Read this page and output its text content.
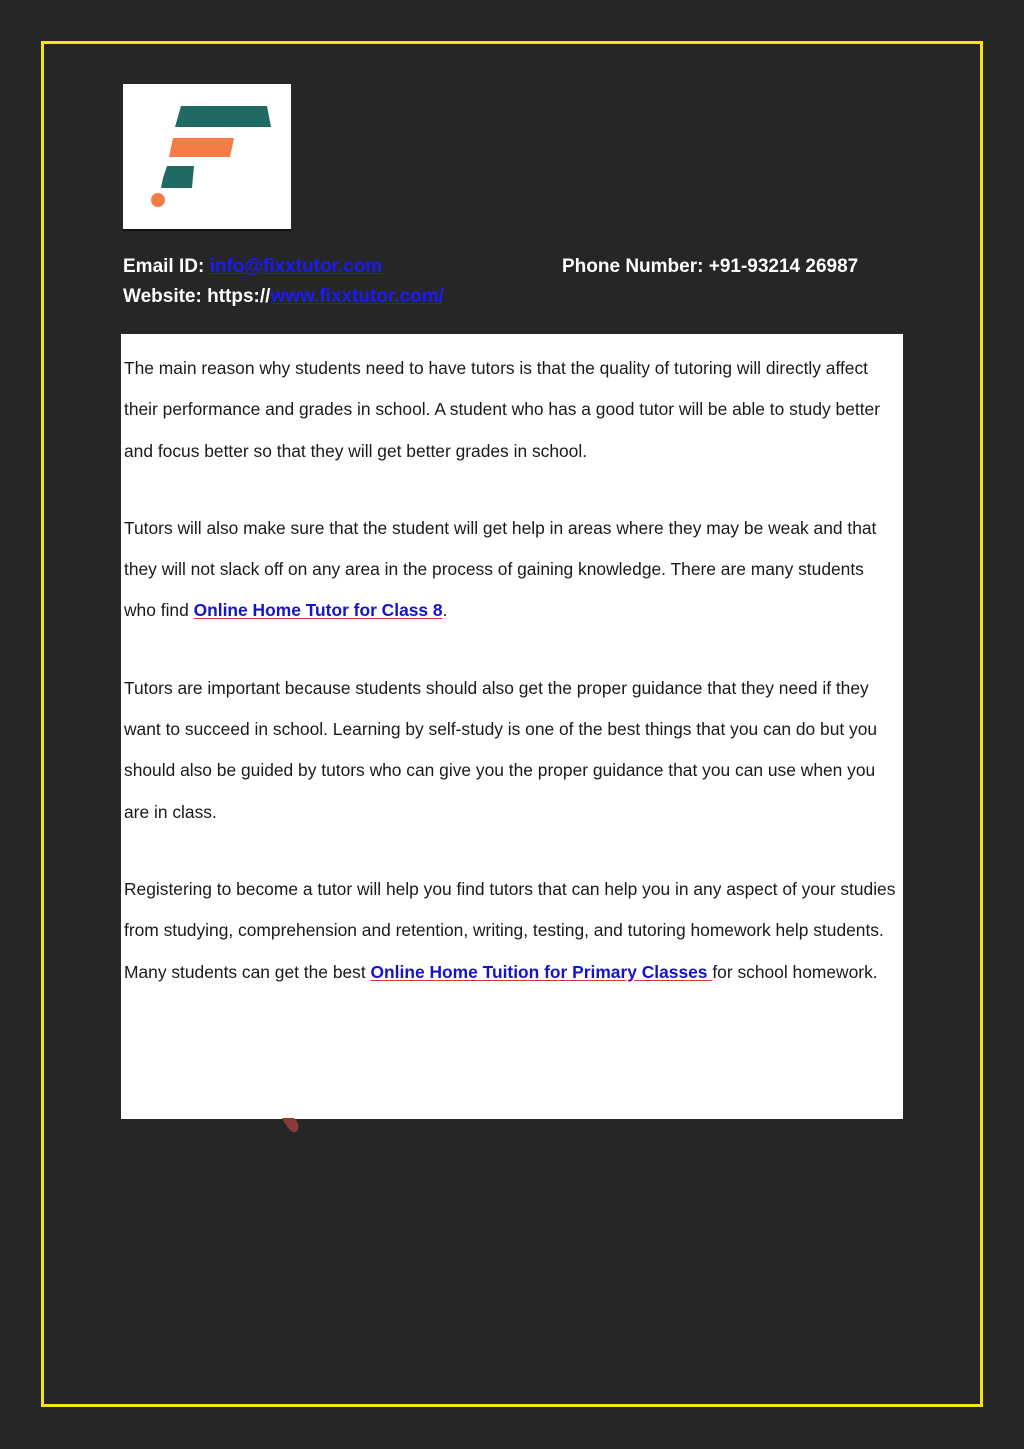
Email ID: info@fixxtutor.com	Phone Number: +91-93214 26987
Website: https://www.fixxtutor.com/

The main reason why students need to have tutors is that the quality of tutoring will directly affect their performance and grades in school. A student who has a good tutor will be able to study better and focus better so that they will get better grades in school.

Tutors will also make sure that the student will get help in areas where they may be weak and that they will not slack off on any area in the process of gaining knowledge. There are many students who find Online Home Tutor for Class 8.

Tutors are important because students should also get the proper guidance that they need if they want to succeed in school. Learning by self-study is one of the best things that you can do but you should also be guided by tutors who can give you the proper guidance that you can use when you are in class.

Registering to become a tutor will help you find tutors that can help you in any aspect of your studies from studying, comprehension and retention, writing, testing, and tutoring homework help students. Many students can get the best Online Home Tuition for Primary Classes for school homework.
